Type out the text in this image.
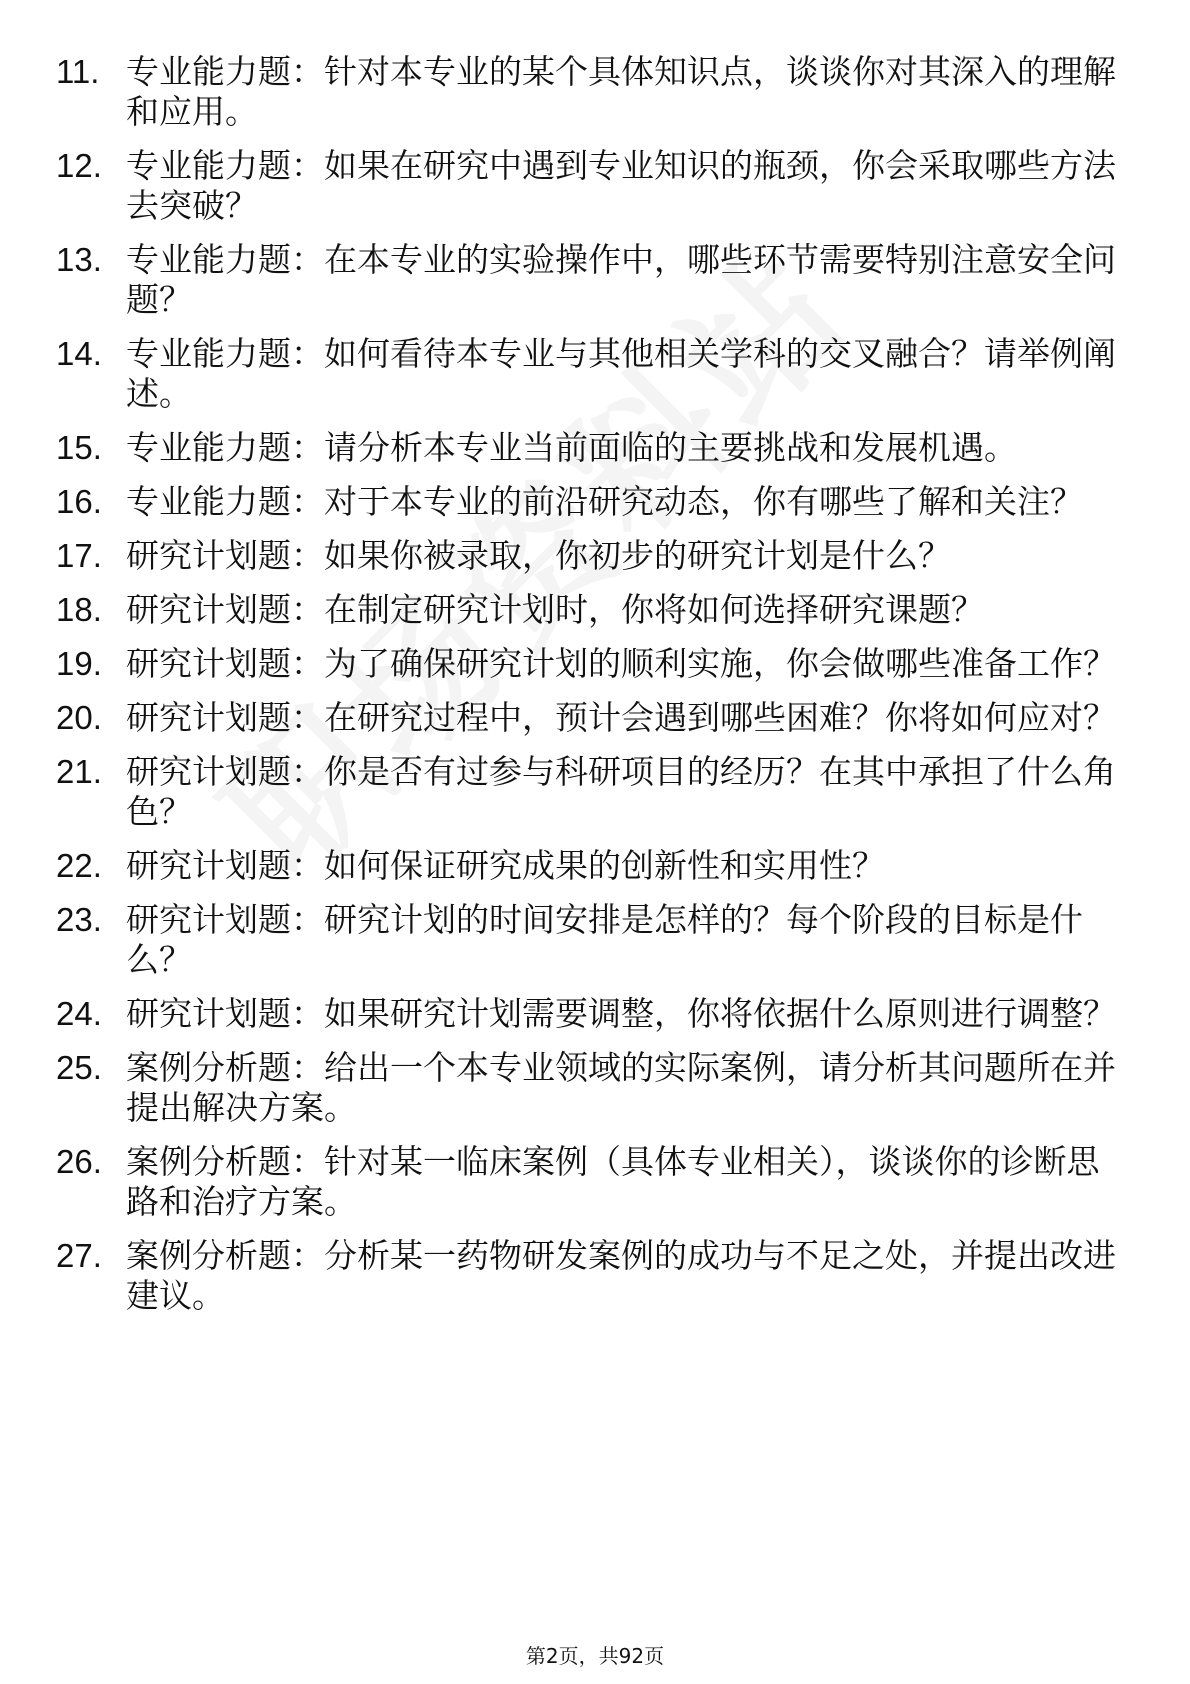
11. 专业能力题：针对本专业的某个具体知识点，谈谈你对其深入的理解和应用。
12. 专业能力题：如果在研究中遇到专业知识的瓶颈，你会采取哪些方法去突破？
13. 专业能力题：在本专业的实验操作中，哪些环节需要特别注意安全问题？
14. 专业能力题：如何看待本专业与其他相关学科的交叉融合？请举例阐述。
15. 专业能力题：请分析本专业当前面临的主要挑战和发展机遇。
16. 专业能力题：对于本专业的前沿研究动态，你有哪些了解和关注？
17. 研究计划题：如果你被录取，你初步的研究计划是什么？
18. 研究计划题：在制定研究计划时，你将如何选择研究课题？
19. 研究计划题：为了确保研究计划的顺利实施，你会做哪些准备工作？
20. 研究计划题：在研究过程中，预计会遇到哪些困难？你将如何应对？
21. 研究计划题：你是否有过参与科研项目的经历？在其中承担了什么角色？
22. 研究计划题：如何保证研究成果的创新性和实用性？
23. 研究计划题：研究计划的时间安排是怎样的？每个阶段的目标是什么？
24. 研究计划题：如果研究计划需要调整，你将依据什么原则进行调整？
25. 案例分析题：给出一个本专业领域的实际案例，请分析其问题所在并提出解决方案。
26. 案例分析题：针对某一临床案例（具体专业相关），谈谈你的诊断思路和治疗方案。
27. 案例分析题：分析某一药物研发案例的成功与不足之处，并提出改进建议。
第2页，共92页
